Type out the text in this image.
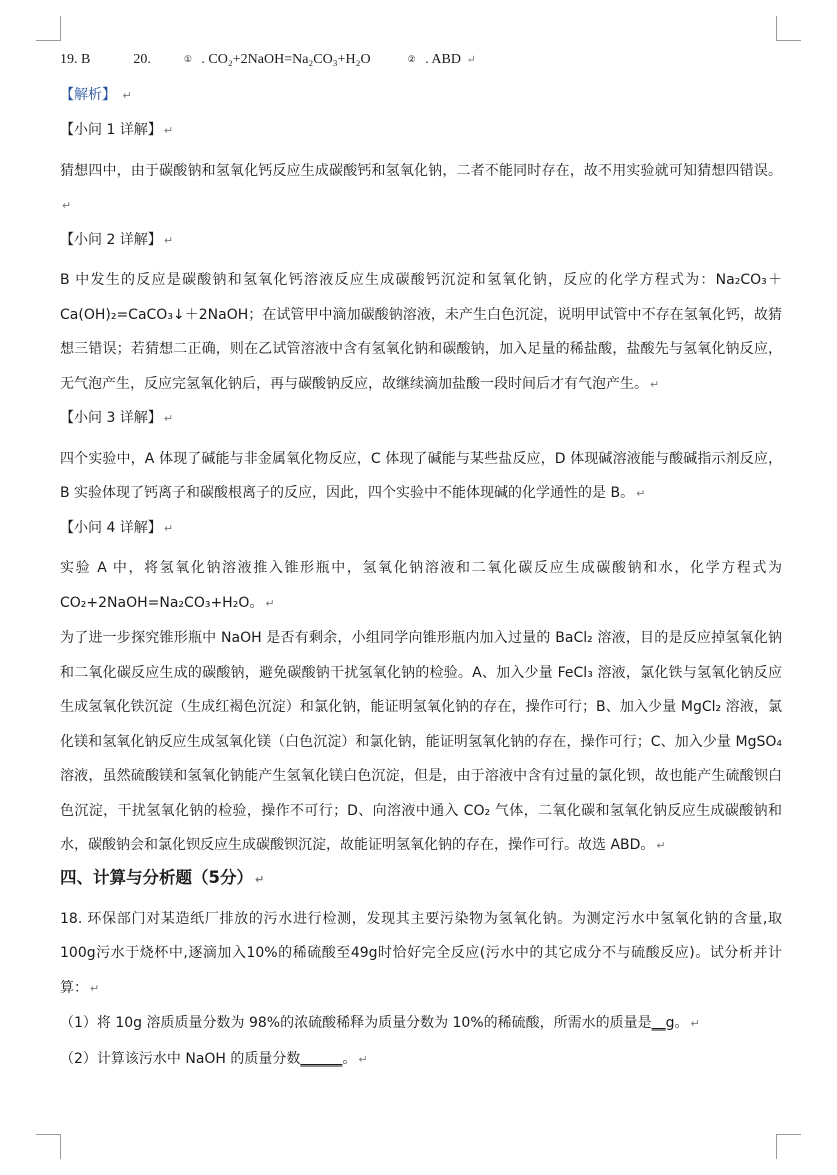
19. B	20.	① . CO₂+2NaOH=Na₂CO₃+H₂O	② . ABD ↵
【解析】 ↵
【小问 1 详解】 ↵

猜想四中，由于碳酸钠和氢氧化钙反应生成碳酸钙和氢氧化钠，二者不能同时存在，故不用实验就可知猜想四错误。↵

【小问 2 详解】 ↵

B 中发生的反应是碳酸钠和氢氧化钙溶液反应生成碳酸钙沉淀和氢氧化钠，反应的化学方程式为：Na₂CO₃＋Ca(OH)₂=CaCO₃↓＋2NaOH；在试管甲中滴加碳酸钠溶液，未产生白色沉淀，说明甲试管中不存在氢氧化钙，故猜想三错误；若猜想二正确，则在乙试管溶液中含有氢氧化钠和碳酸钠，加入足量的稀盐酸，盐酸先与氢氧化钠反应，无气泡产生，反应完氢氧化钠后，再与碳酸钠反应，故继续滴加盐酸一段时间后才有气泡产生。 ↵

【小问 3 详解】 ↵

四个实验中，A 体现了碱能与非金属氧化物反应，C 体现了碱能与某些盐反应，D 体现碱溶液能与酸碱指示剂反应，B 实验体现了钙离子和碳酸根离子的反应，因此，四个实验中不能体现碱的化学通性的是 B。 ↵

【小问 4 详解】 ↵

实验 A 中，将氢氧化钠溶液推入锥形瓶中，氢氧化钠溶液和二氧化碳反应生成碳酸钠和水，化学方程式为CO₂+2NaOH=Na₂CO₃+H₂O。 ↵

为了进一步探究锥形瓶中 NaOH 是否有剩余，小组同学向锥形瓶内加入过量的 BaCl₂ 溶液，目的是反应掉氢氧化钠和二氧化碳反应生成的碳酸钠，避免碳酸钠干扰氢氧化钠的检验。A、加入少量 FeCl₃ 溶液，氯化铁与氢氧化钠反应生成氢氧化铁沉淀（生成红褐色沉淀）和氯化钠，能证明氢氧化钠的存在，操作可行；B、加入少量 MgCl₂ 溶液，氯化镁和氢氧化钠反应生成氢氧化镁（白色沉淀）和氯化钠，能证明氢氧化钠的存在，操作可行；C、加入少量 MgSO₄ 溶液，虽然硫酸镁和氢氧化钠能产生氢氧化镁白色沉淀，但是，由于溶液中含有过量的氯化钡，故也能产生硫酸钡白色沉淀，干扰氢氧化钠的检验，操作不可行；D、向溶液中通入 CO₂ 气体，二氧化碳和氢氧化钠反应生成碳酸钠和水，碳酸钠会和氯化钡反应生成碳酸钡沉淀，故能证明氢氧化钠的存在，操作可行。故选 ABD。 ↵

四、计算与分析题（5分） ↵

18. 环保部门对某造纸厂排放的污水进行检测，发现其主要污染物为氢氧化钠。为测定污水中氢氧化钠的含量,取100g污水于烧杯中,逐滴加入10%的稀硫酸至49g时恰好完全反应(污水中的其它成分不与硫酸反应)。试分析并计算： ↵

（1）将 10g 溶质质量分数为 98%的浓硫酸稀释为质量分数为 10%的稀硫酸，所需水的质量是__g。 ↵

（2）计算该污水中 NaOH 的质量分数______。 ↵
